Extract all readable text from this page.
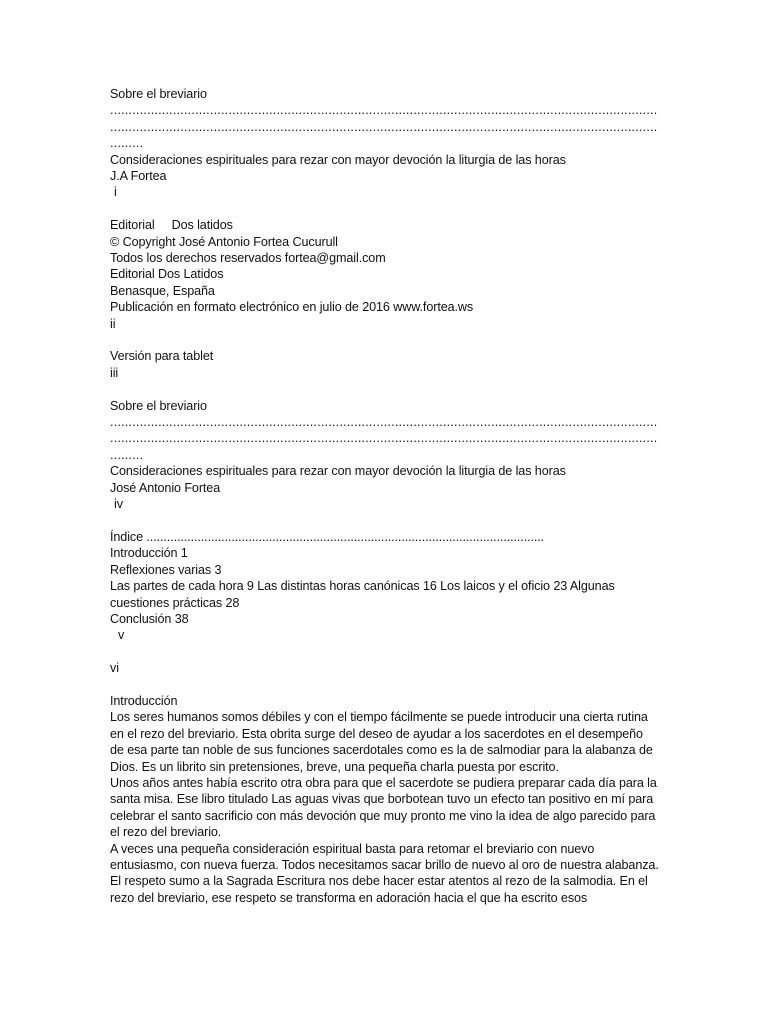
Sobre el breviario
....................................................................................................................................................
....................................................................................................................................................
.........
Consideraciones espirituales para rezar con mayor devoción la liturgia de las horas
J.A Fortea
i
Editorial     Dos latidos
© Copyright José Antonio Fortea Cucurull
Todos los derechos reservados fortea@gmail.com
Editorial Dos Latidos
Benasque, España
Publicación en formato electrónico en julio de 2016 www.fortea.ws
ii
Versión para tablet
iii
Sobre el breviario
....................................................................................................................................................
....................................................................................................................................................
.........
Consideraciones espirituales para rezar con mayor devoción la liturgia de las horas
José Antonio Fortea
iv
Índice .....................................................................................................................
Introducción 1
Reflexiones varias 3
Las partes de cada hora 9 Las distintas horas canónicas 16 Los laicos y el oficio 23 Algunas cuestiones prácticas 28
Conclusión 38
v
vi
Introducción
Los seres humanos somos débiles y con el tiempo fácilmente se puede introducir una cierta rutina en el rezo del breviario. Esta obrita surge del deseo de ayudar a los sacerdotes en el desempeño de esa parte tan noble de sus funciones sacerdotales como es la de salmodiar para la alabanza de Dios. Es un librito sin pretensiones, breve, una pequeña charla puesta por escrito.
Unos años antes había escrito otra obra para que el sacerdote se pudiera preparar cada día para la santa misa. Ese libro titulado Las aguas vivas que borbotean tuvo un efecto tan positivo en mí para celebrar el santo sacrificio con más devoción que muy pronto me vino la idea de algo parecido para el rezo del breviario.
A veces una pequeña consideración espiritual basta para retomar el breviario con nuevo entusiasmo, con nueva fuerza. Todos necesitamos sacar brillo de nuevo al oro de nuestra alabanza.
El respeto sumo a la Sagrada Escritura nos debe hacer estar atentos al rezo de la salmodia. En el rezo del breviario, ese respeto se transforma en adoración hacia el que ha escrito esos
